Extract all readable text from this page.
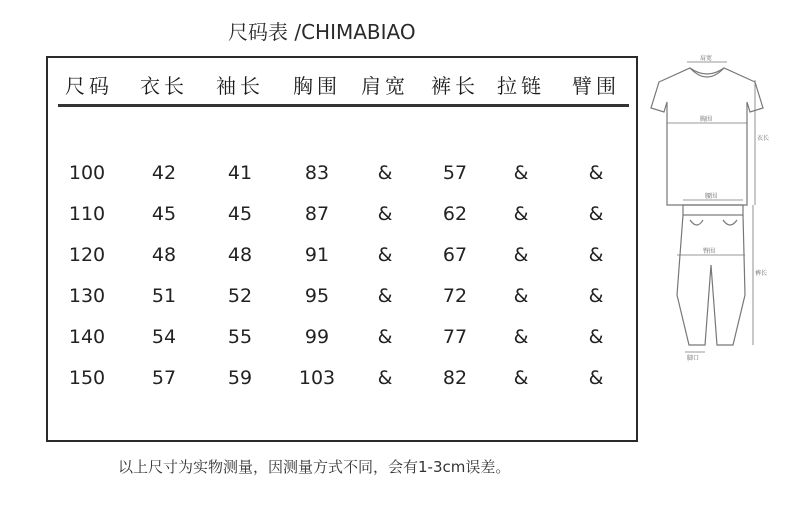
尺码表 /CHIMABIAO
尺码 衣长 袖长 胸围 肩宽 裤长 拉链 臂围
100 42	41	83	&	57 &	&
110 45	45	87	&	62 &	&
120 48	48	91	&	67 &	&
130 51	52	95	&	72 &	&
140 54	55	99	&	77 &	&
150 57	59 103 &	82 &	&
以上尺寸为实物测量，因测量方式不同，会有1-3cm误差。
肩宽
胸围
衣长
腰围
臀围
裤长
脚口
